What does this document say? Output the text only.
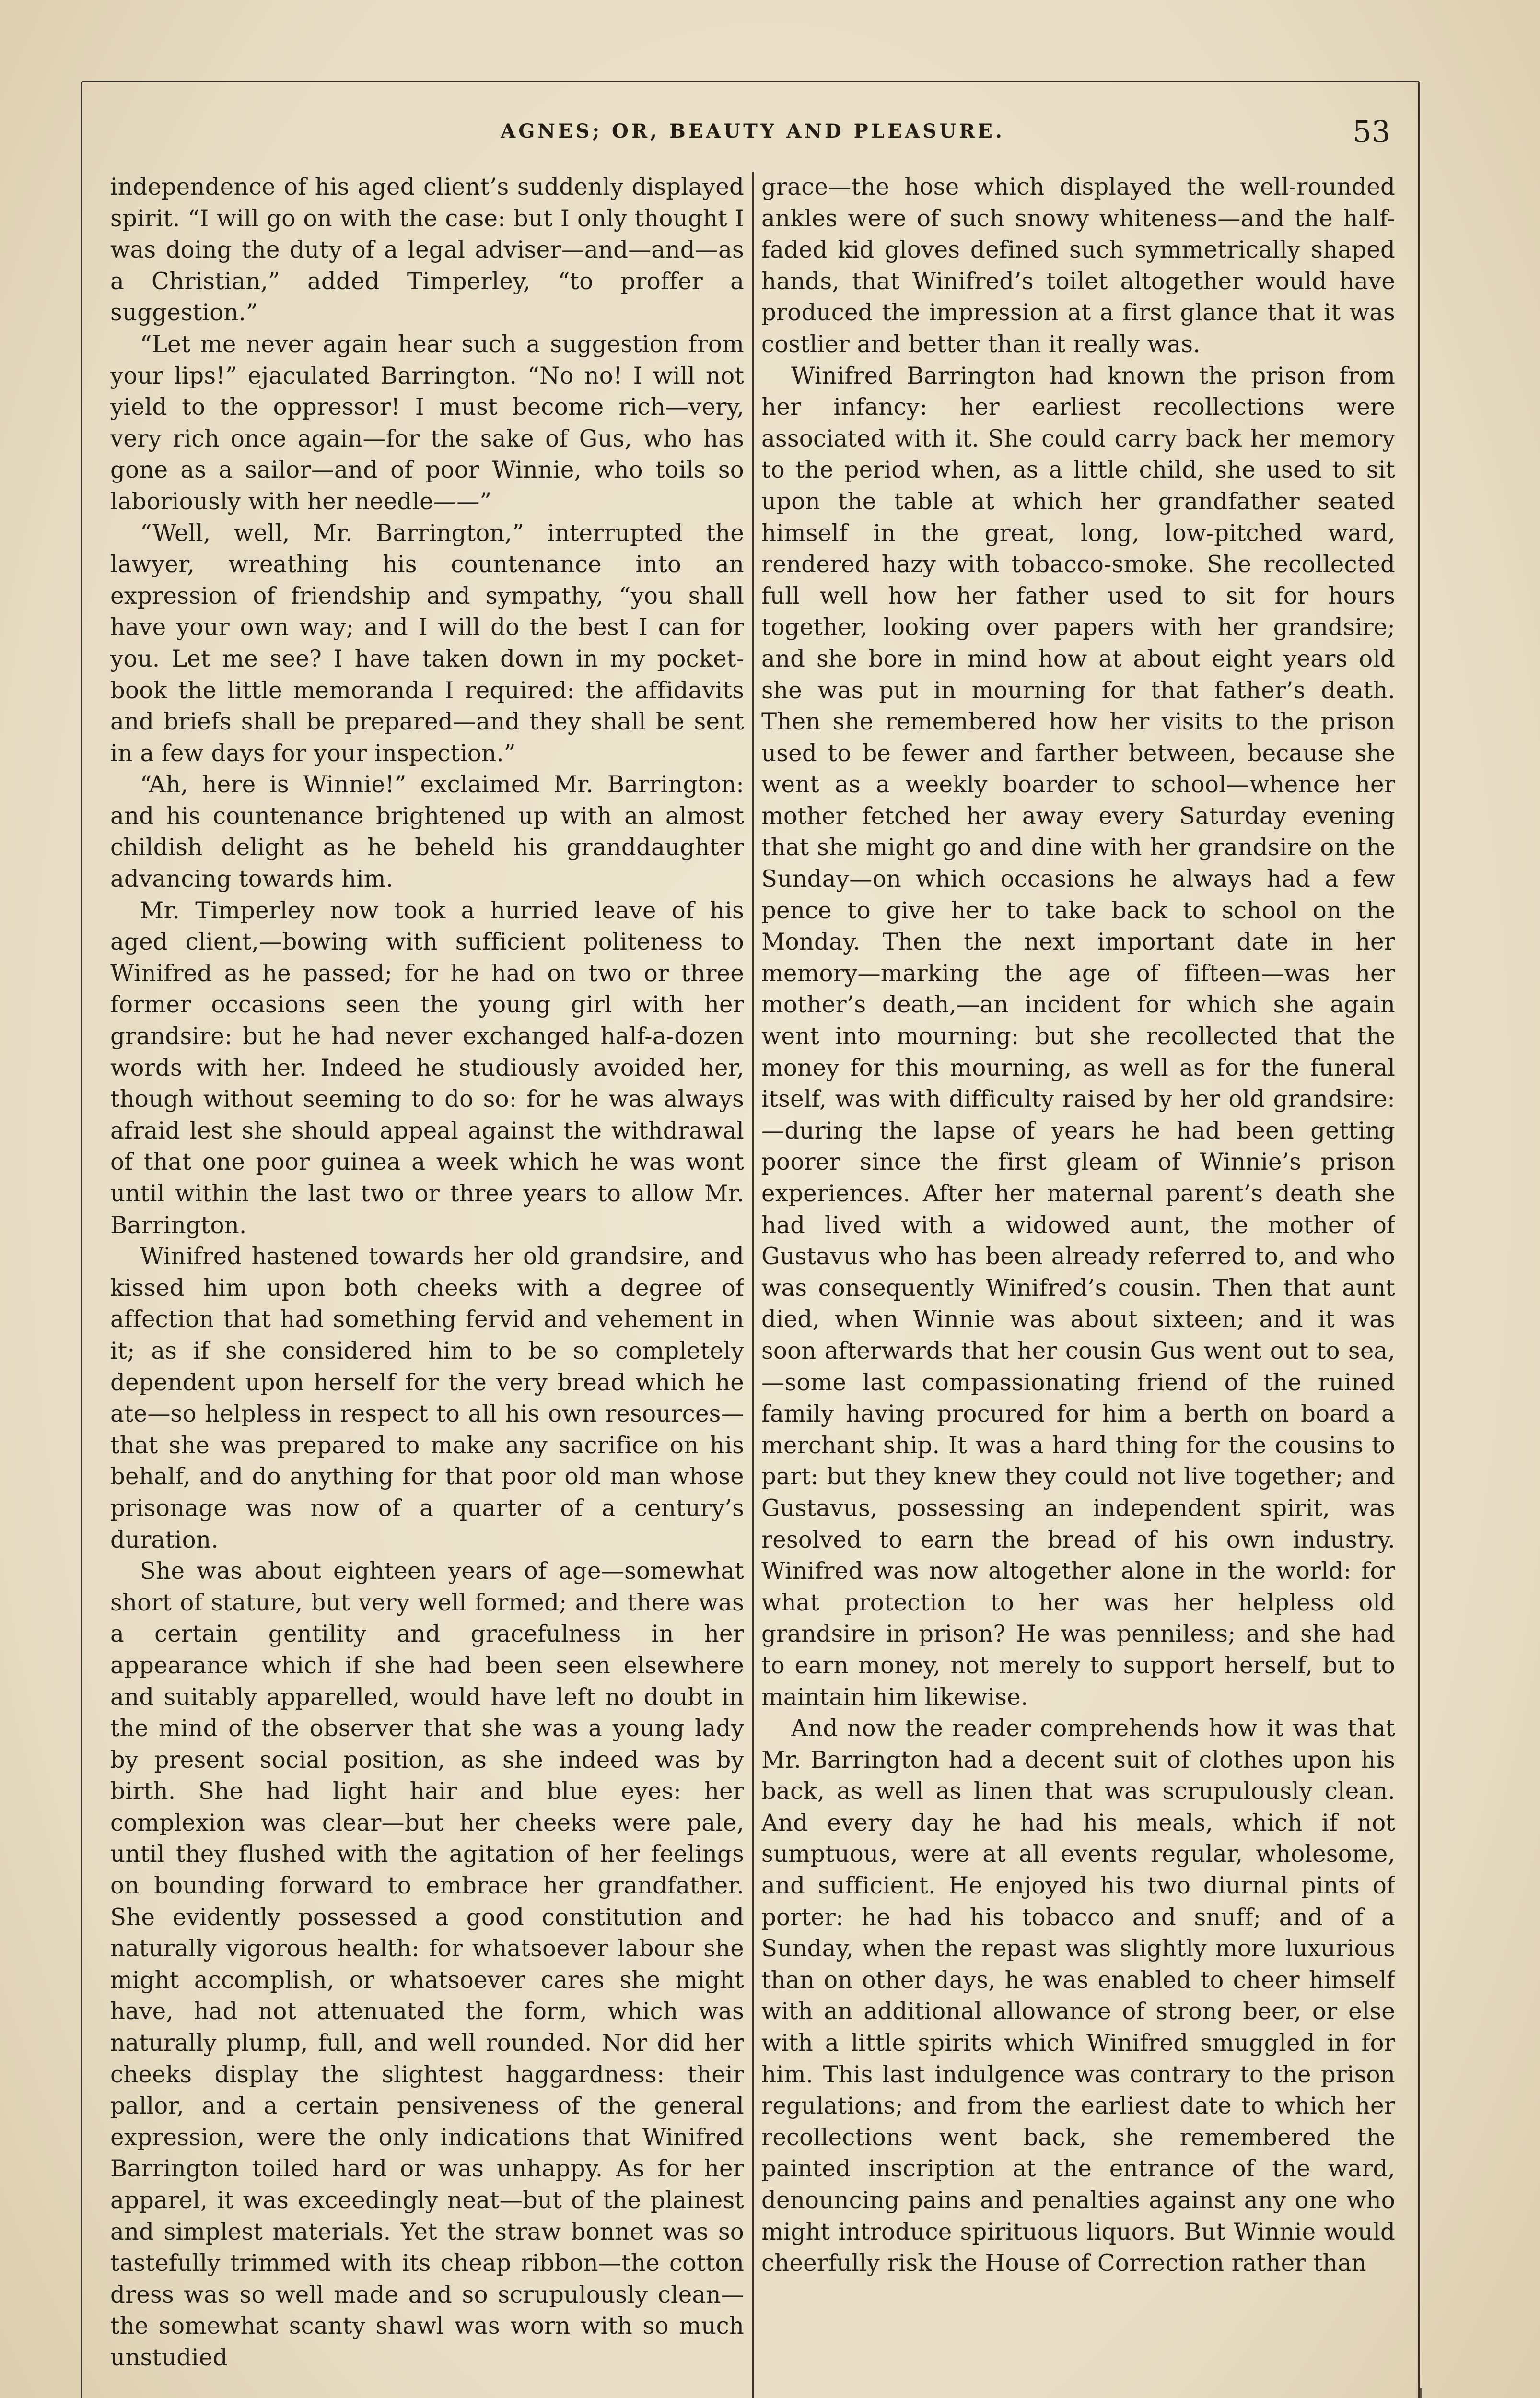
AGNES; OR, BEAUTY AND PLEASURE.	53

independence of his aged client’s suddenly displayed spirit. “I will go on with the case: but I only thought I was doing the duty of a legal adviser—and—and—as a Christian,” added Timperley, “to proffer a suggestion.”

“Let me never again hear such a suggestion from your lips!” ejaculated Barrington. “No no! I will not yield to the oppressor! I must become rich—very, very rich once again—for the sake of Gus, who has gone as a sailor—and of poor Winnie, who toils so laboriously with her needle——”

“Well, well, Mr. Barrington,” interrupted the lawyer, wreathing his countenance into an expression of friendship and sympathy, “you shall have your own way; and I will do the best I can for you. Let me see? I have taken down in my pocket-book the little memoranda I required: the affidavits and briefs shall be prepared—and they shall be sent in a few days for your inspection.”

“Ah, here is Winnie!” exclaimed Mr. Barrington: and his countenance brightened up with an almost childish delight as he beheld his granddaughter advancing towards him.

Mr. Timperley now took a hurried leave of his aged client,—bowing with sufficient politeness to Winifred as he passed; for he had on two or three former occasions seen the young girl with her grandsire: but he had never exchanged half-a-dozen words with her. Indeed he studiously avoided her, though without seeming to do so: for he was always afraid lest she should appeal against the withdrawal of that one poor guinea a week which he was wont until within the last two or three years to allow Mr. Barrington.

Winifred hastened towards her old grandsire, and kissed him upon both cheeks with a degree of affection that had something fervid and vehement in it; as if she considered him to be so completely dependent upon herself for the very bread which he ate—so helpless in respect to all his own resources—that she was prepared to make any sacrifice on his behalf, and do anything for that poor old man whose prisonage was now of a quarter of a century’s duration.

She was about eighteen years of age—somewhat short of stature, but very well formed; and there was a certain gentility and gracefulness in her appearance which if she had been seen elsewhere and suitably apparelled, would have left no doubt in the mind of the observer that she was a young lady by present social position, as she indeed was by birth. She had light hair and blue eyes: her complexion was clear—but her cheeks were pale, until they flushed with the agitation of her feelings on bounding forward to embrace her grandfather. She evidently possessed a good constitution and naturally vigorous health: for whatsoever labour she might accomplish, or whatsoever cares she might have, had not attenuated the form, which was naturally plump, full, and well rounded. Nor did her cheeks display the slightest haggardness: their pallor, and a certain pensiveness of the general expression, were the only indications that Winifred Barrington toiled hard or was unhappy. As for her apparel, it was exceedingly neat—but of the plainest and simplest materials. Yet the straw bonnet was so tastefully trimmed with its cheap ribbon—the cotton dress was so well made and so scrupulously clean—the somewhat scanty shawl was worn with so much unstudied

grace—the hose which displayed the well-rounded ankles were of such snowy whiteness—and the half-faded kid gloves defined such symmetrically shaped hands, that Winifred’s toilet altogether would have produced the impression at a first glance that it was costlier and better than it really was.

Winifred Barrington had known the prison from her infancy: her earliest recollections were associated with it. She could carry back her memory to the period when, as a little child, she used to sit upon the table at which her grandfather seated himself in the great, long, low-pitched ward, rendered hazy with tobacco-smoke. She recollected full well how her father used to sit for hours together, looking over papers with her grandsire; and she bore in mind how at about eight years old she was put in mourning for that father’s death. Then she remembered how her visits to the prison used to be fewer and farther between, because she went as a weekly boarder to school—whence her mother fetched her away every Saturday evening that she might go and dine with her grandsire on the Sunday—on which occasions he always had a few pence to give her to take back to school on the Monday. Then the next important date in her memory—marking the age of fifteen—was her mother’s death,—an incident for which she again went into mourning: but she recollected that the money for this mourning, as well as for the funeral itself, was with difficulty raised by her old grandsire:—during the lapse of years he had been getting poorer since the first gleam of Winnie’s prison experiences. After her maternal parent’s death she had lived with a widowed aunt, the mother of Gustavus who has been already referred to, and who was consequently Winifred’s cousin. Then that aunt died, when Winnie was about sixteen; and it was soon afterwards that her cousin Gus went out to sea,—some last compassionating friend of the ruined family having procured for him a berth on board a merchant ship. It was a hard thing for the cousins to part: but they knew they could not live together; and Gustavus, possessing an independent spirit, was resolved to earn the bread of his own industry. Winifred was now altogether alone in the world: for what protection to her was her helpless old grandsire in prison? He was penniless; and she had to earn money, not merely to support herself, but to maintain him likewise.

And now the reader comprehends how it was that Mr. Barrington had a decent suit of clothes upon his back, as well as linen that was scrupulously clean. And every day he had his meals, which if not sumptuous, were at all events regular, wholesome, and sufficient. He enjoyed his two diurnal pints of porter: he had his tobacco and snuff; and of a Sunday, when the repast was slightly more luxurious than on other days, he was enabled to cheer himself with an additional allowance of strong beer, or else with a little spirits which Winifred smuggled in for him. This last indulgence was contrary to the prison regulations; and from the earliest date to which her recollections went back, she remembered the painted inscription at the entrance of the ward, denouncing pains and penalties against any one who might introduce spirituous liquors. But Winnie would cheerfully risk the House of Correction rather than
